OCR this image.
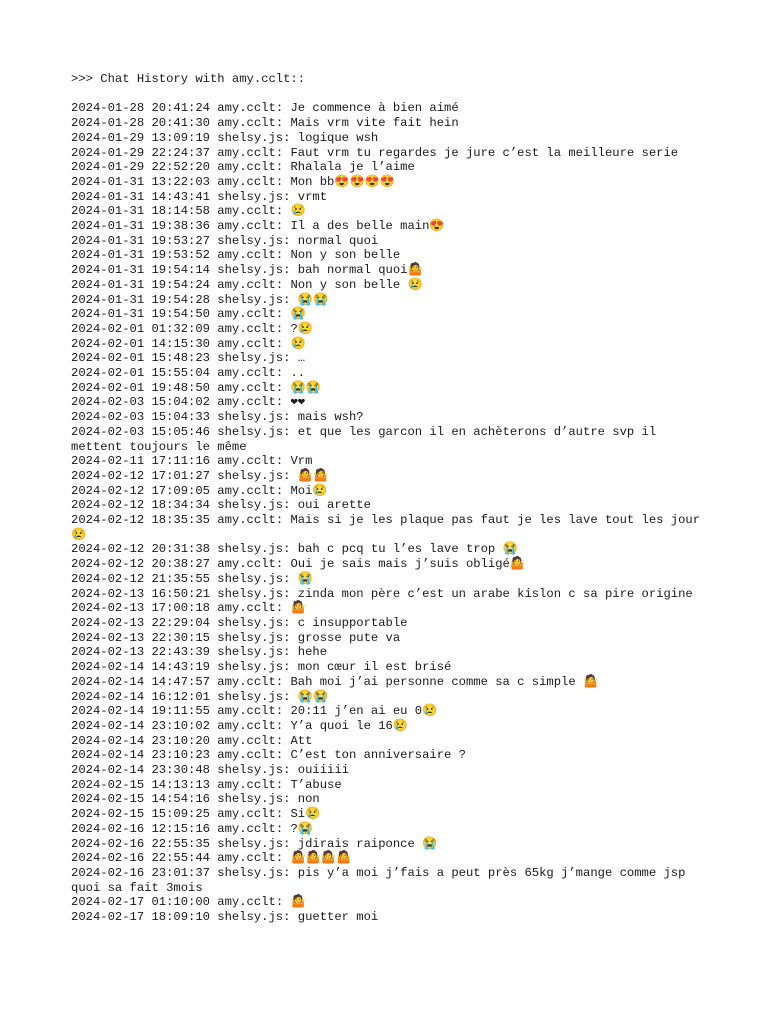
>>> Chat History with amy.cclt::
2024-01-28 20:41:24 amy.cclt: Je commence à bien aimé
2024-01-28 20:41:30 amy.cclt: Mais vrm vite fait hein
2024-01-29 13:09:19 shelsy.js: logique wsh
2024-01-29 22:24:37 amy.cclt: Faut vrm tu regardes je jure c’est la meilleure serie
2024-01-29 22:52:20 amy.cclt: Rhalala je l’aime
2024-01-31 13:22:03 amy.cclt: Mon bb😍😍😍😍
2024-01-31 14:43:41 shelsy.js: vrmt
2024-01-31 18:14:58 amy.cclt: 😢
2024-01-31 19:38:36 amy.cclt: Il a des belle main😍
2024-01-31 19:53:27 shelsy.js: normal quoi
2024-01-31 19:53:52 amy.cclt: Non y son belle
2024-01-31 19:54:14 shelsy.js: bah normal quoi🤷
2024-01-31 19:54:24 amy.cclt: Non y son belle 😢
2024-01-31 19:54:28 shelsy.js: 😭😭
2024-01-31 19:54:50 amy.cclt: 😭
2024-02-01 01:32:09 amy.cclt: ?😢
2024-02-01 14:15:30 amy.cclt: 😢
2024-02-01 15:48:23 shelsy.js: …
2024-02-01 15:55:04 amy.cclt: ..
2024-02-01 19:48:50 amy.cclt: 😭😭
2024-02-03 15:04:02 amy.cclt: ❤❤
2024-02-03 15:04:33 shelsy.js: mais wsh?
2024-02-03 15:05:46 shelsy.js: et que les garcon il en achèterons d’autre svp il mettent toujours le même
2024-02-11 17:11:16 amy.cclt: Vrm
2024-02-12 17:01:27 shelsy.js: 🤷🤷
2024-02-12 17:09:05 amy.cclt: Moi😢
2024-02-12 18:34:34 shelsy.js: oui arette
2024-02-12 18:35:35 amy.cclt: Mais si je les plaque pas faut je les lave tout les jour😢
2024-02-12 20:31:38 shelsy.js: bah c pcq tu l’es lave trop 😭
2024-02-12 20:38:27 amy.cclt: Oui je sais mais j’suis obligé🤷
2024-02-12 21:35:55 shelsy.js: 😭
2024-02-13 16:50:21 shelsy.js: zinda mon père c’est un arabe kislon c sa pire origine
2024-02-13 17:00:18 amy.cclt: 🤷
2024-02-13 22:29:04 shelsy.js: c insupportable
2024-02-13 22:30:15 shelsy.js: grosse pute va
2024-02-13 22:43:39 shelsy.js: hehe
2024-02-14 14:43:19 shelsy.js: mon cœur il est brisé
2024-02-14 14:47:57 amy.cclt: Bah moi j’ai personne comme sa c simple 🤷
2024-02-14 16:12:01 shelsy.js: 😭😭
2024-02-14 19:11:55 amy.cclt: 20:11 j’en ai eu 0😢
2024-02-14 23:10:02 amy.cclt: Y’a quoi le 16😢
2024-02-14 23:10:20 amy.cclt: Att
2024-02-14 23:10:23 amy.cclt: C’est ton anniversaire ?
2024-02-14 23:30:48 shelsy.js: ouiiiii
2024-02-15 14:13:13 amy.cclt: T’abuse
2024-02-15 14:54:16 shelsy.js: non
2024-02-15 15:09:25 amy.cclt: Si😢
2024-02-16 12:15:16 amy.cclt: ?😭
2024-02-16 22:55:35 shelsy.js: jdirais raiponce 😭
2024-02-16 22:55:44 amy.cclt: 🤷🤷🤷🤷
2024-02-16 23:01:37 shelsy.js: pis y’a moi j’fais a peut près 65kg j’mange comme jsp quoi sa fait 3mois
2024-02-17 01:10:00 amy.cclt: 🤷
2024-02-17 18:09:10 shelsy.js: guetter moi
